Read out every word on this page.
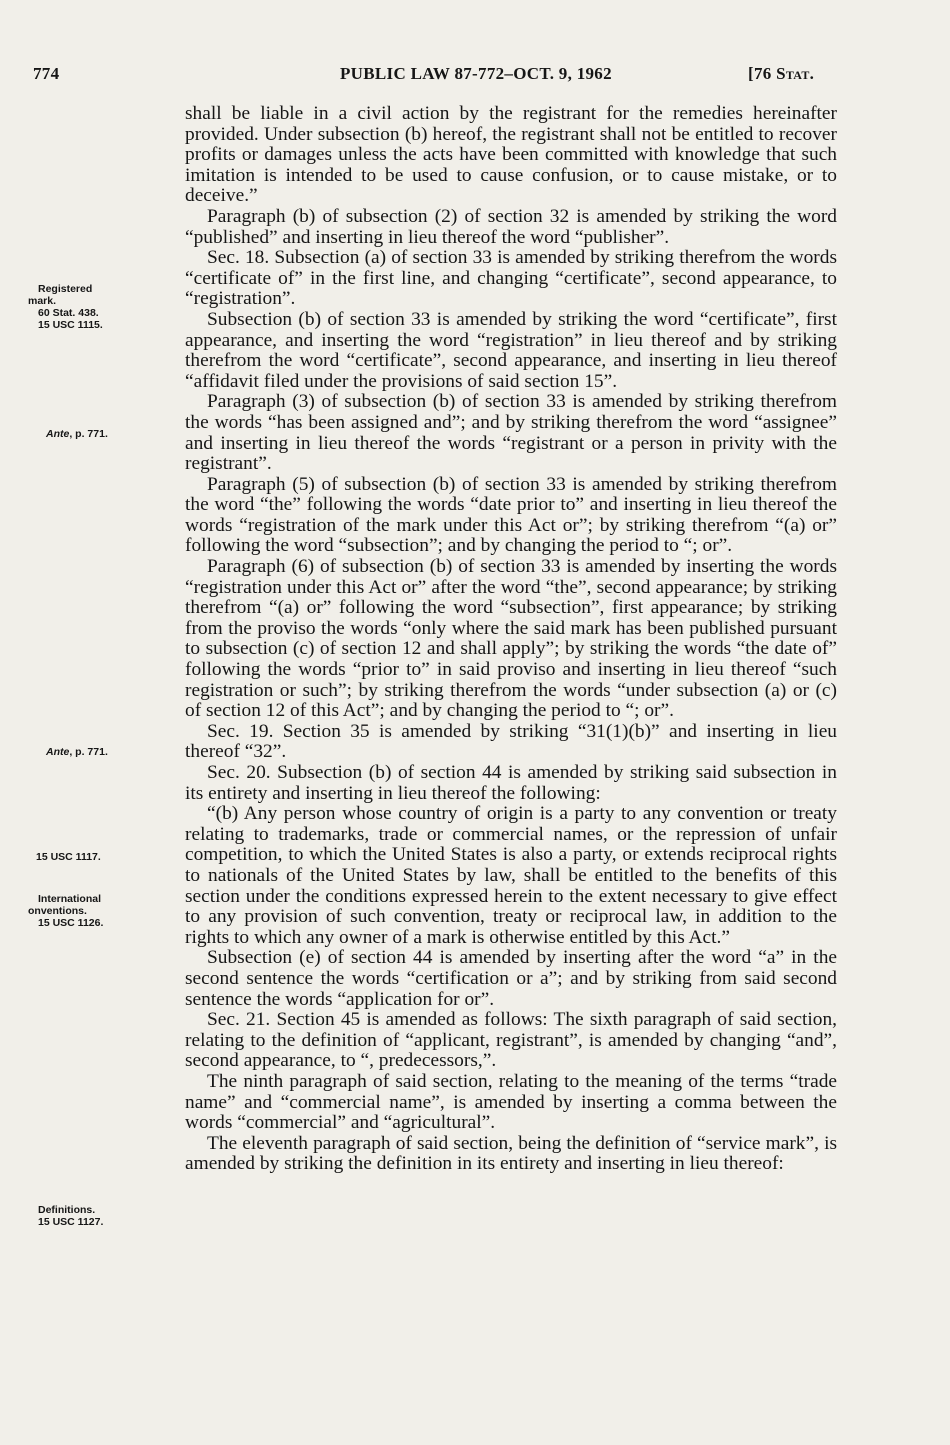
774	PUBLIC LAW 87-772–OCT. 9, 1962	[76 Stat.
Registered
mark.
60 Stat. 438.
15 USC 1115.
Ante, p. 771.
Ante, p. 771.
15 USC 1117.
International
onventions.
15 USC 1126.
Definitions.
15 USC 1127.

shall be liable in a civil action by the registrant for the remedies hereinafter provided. Under subsection (b) hereof, the registrant shall not be entitled to recover profits or damages unless the acts have been committed with knowledge that such imitation is intended to be used to cause confusion, or to cause mistake, or to deceive.”

Paragraph (b) of subsection (2) of section 32 is amended by striking the word “published” and inserting in lieu thereof the word “publisher”.

Sec. 18. Subsection (a) of section 33 is amended by striking therefrom the words “certificate of” in the first line, and changing “certificate”, second appearance, to “registration”.

Subsection (b) of section 33 is amended by striking the word “certificate”, first appearance, and inserting the word “registration” in lieu thereof and by striking therefrom the word “certificate”, second appearance, and inserting in lieu thereof “affidavit filed under the provisions of said section 15”.

Paragraph (3) of subsection (b) of section 33 is amended by striking therefrom the words “has been assigned and”; and by striking therefrom the word “assignee” and inserting in lieu thereof the words “registrant or a person in privity with the registrant”.

Paragraph (5) of subsection (b) of section 33 is amended by striking therefrom the word “the” following the words “date prior to” and inserting in lieu thereof the words “registration of the mark under this Act or”; by striking therefrom “(a) or” following the word “subsection”; and by changing the period to “; or”.

Paragraph (6) of subsection (b) of section 33 is amended by inserting the words “registration under this Act or” after the word “the”, second appearance; by striking therefrom “(a) or” following the word “subsection”, first appearance; by striking from the proviso the words “only where the said mark has been published pursuant to subsection (c) of section 12 and shall apply”; by striking the words “the date of” following the words “prior to” in said proviso and inserting in lieu thereof “such registration or such”; by striking therefrom the words “under subsection (a) or (c) of section 12 of this Act”; and by changing the period to “; or”.

Sec. 19. Section 35 is amended by striking “31(1)(b)” and inserting in lieu thereof “32”.

Sec. 20. Subsection (b) of section 44 is amended by striking said subsection in its entirety and inserting in lieu thereof the following:

“(b) Any person whose country of origin is a party to any convention or treaty relating to trademarks, trade or commercial names, or the repression of unfair competition, to which the United States is also a party, or extends reciprocal rights to nationals of the United States by law, shall be entitled to the benefits of this section under the conditions expressed herein to the extent necessary to give effect to any provision of such convention, treaty or reciprocal law, in addition to the rights to which any owner of a mark is otherwise entitled by this Act.”

Subsection (e) of section 44 is amended by inserting after the word “a” in the second sentence the words “certification or a”; and by striking from said second sentence the words “application for or”.

Sec. 21. Section 45 is amended as follows: The sixth paragraph of said section, relating to the definition of “applicant, registrant”, is amended by changing “and”, second appearance, to “, predecessors,”.

The ninth paragraph of said section, relating to the meaning of the terms “trade name” and “commercial name”, is amended by inserting a comma between the words “commercial” and “agricultural”.

The eleventh paragraph of said section, being the definition of “service mark”, is amended by striking the definition in its entirety and inserting in lieu thereof:
